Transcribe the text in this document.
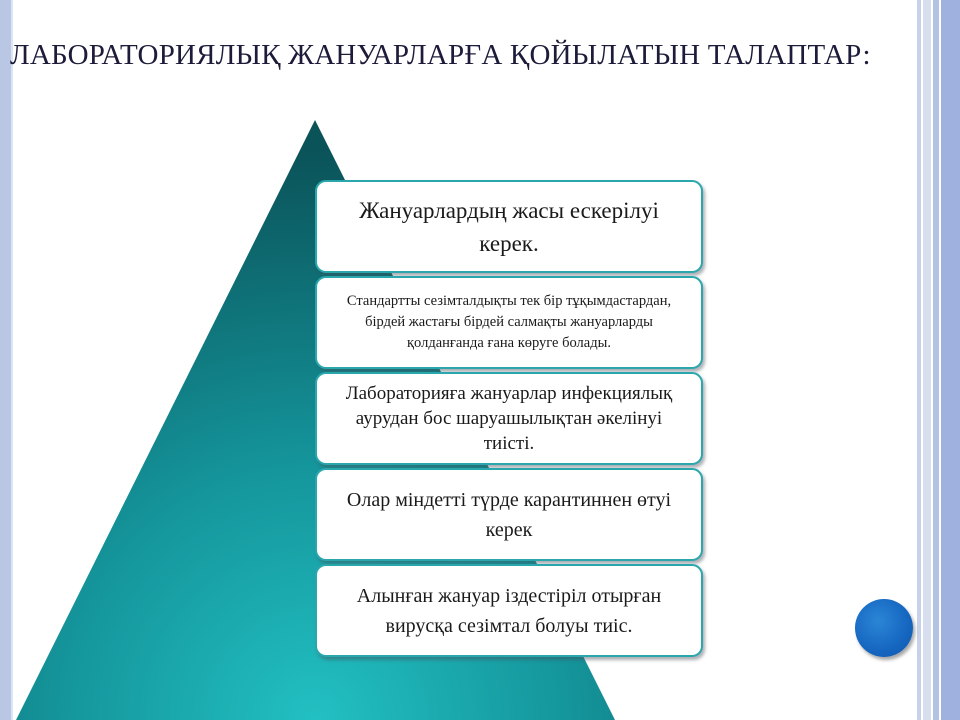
ЛАБОРАТОРИЯЛЫҚ ЖАНУАРЛАРҒА ҚОЙЫЛАТЫН ТАЛАПТАР:
Жануарлардың жасы ескерілуі керек.
Стандартты сезімталдықты тек бір тұқымдастардан, бірдей жастағы бірдей салмақты жануарларды қолданғанда ғана көруге болады.
Лабораторияға жануарлар инфекциялық аурудан бос шаруашылықтан әкелінуі тиісті.
Олар міндетті түрде карантиннен өтуі керек
Алынған жануар іздестіріл отырған вирусқа сезімтал болуы тиіс.
